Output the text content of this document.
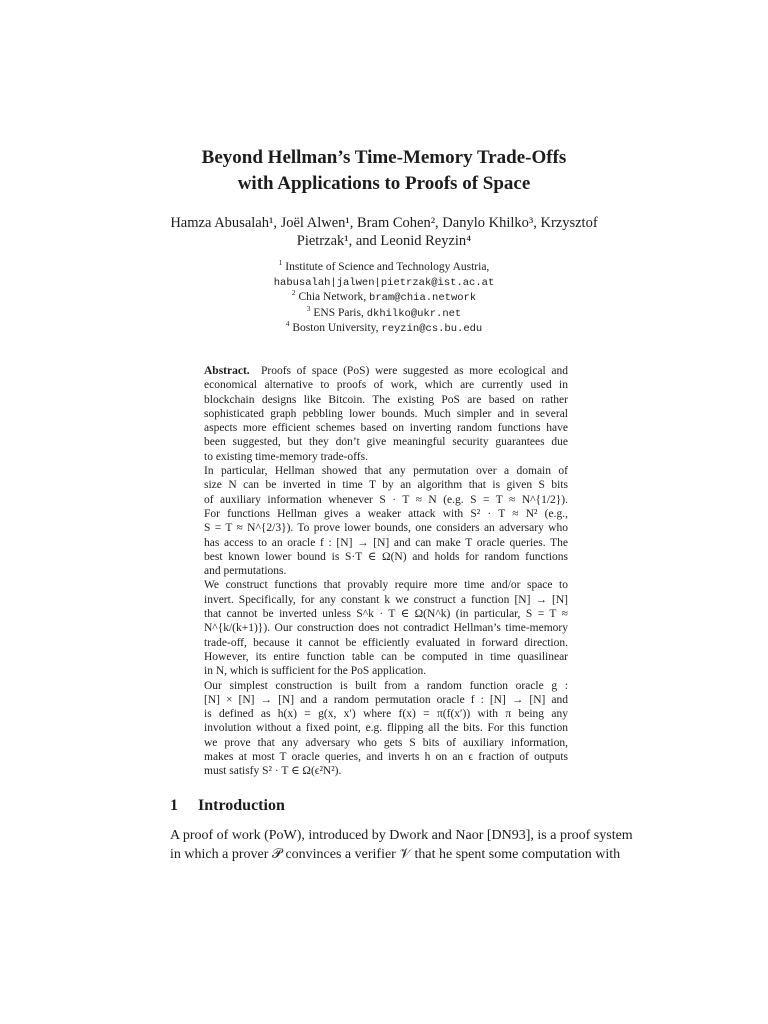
Beyond Hellman’s Time-Memory Trade-Offs
with Applications to Proofs of Space
Hamza Abusalah¹, Joël Alwen¹, Bram Cohen², Danylo Khilko³, Krzysztof
Pietrzak¹, and Leonid Reyzin⁴
$^1$ Institute of Science and Technology Austria,
habusalah|jalwen|pietrzak@ist.ac.at
$^2$ Chia Network, bram@chia.network
$^3$ ENS Paris, dkhilko@ukr.net
$^4$ Boston University, reyzin@cs.bu.edu
Abstract. Proofs of space (PoS) were suggested as more ecological and
economical alternative to proofs of work, which are currently used in
blockchain designs like Bitcoin. The existing PoS are based on rather
sophisticated graph pebbling lower bounds. Much simpler and in several
aspects more efficient schemes based on inverting random functions have
been suggested, but they don’t give meaningful security guarantees due
to existing time-memory trade-offs.
In particular, Hellman showed that any permutation over a domain of
size N can be inverted in time T by an algorithm that is given S bits
of auxiliary information whenever S · T ≈ N (e.g. S = T ≈ N^{1/2}).
For functions Hellman gives a weaker attack with S² · T ≈ N² (e.g.,
S = T ≈ N^{2/3}). To prove lower bounds, one considers an adversary who
has access to an oracle f : [N] → [N] and can make T oracle queries. The
best known lower bound is S·T ∈ Ω(N) and holds for random functions
and permutations.
We construct functions that provably require more time and/or space to
invert. Specifically, for any constant k we construct a function [N] → [N]
that cannot be inverted unless S^k · T ∈ Ω(N^k) (in particular, S = T ≈
N^{k/(k+1)}). Our construction does not contradict Hellman’s time-memory
trade-off, because it cannot be efficiently evaluated in forward direction.
However, its entire function table can be computed in time quasilinear
in N, which is sufficient for the PoS application.
Our simplest construction is built from a random function oracle g :
[N] × [N] → [N] and a random permutation oracle f : [N] → [N] and
is defined as h(x) = g(x, x′) where f(x) = π(f(x′)) with π being any
involution without a fixed point, e.g. flipping all the bits. For this function
we prove that any adversary who gets S bits of auxiliary information,
makes at most T oracle queries, and inverts h on an ϵ fraction of outputs
must satisfy S² · T ∈ Ω(ϵ²N²).
1 Introduction
A proof of work (PoW), introduced by Dwork and Naor [DN93], is a proof system
in which a prover 𝒫 convinces a verifier 𝒱 that he spent some computation with
